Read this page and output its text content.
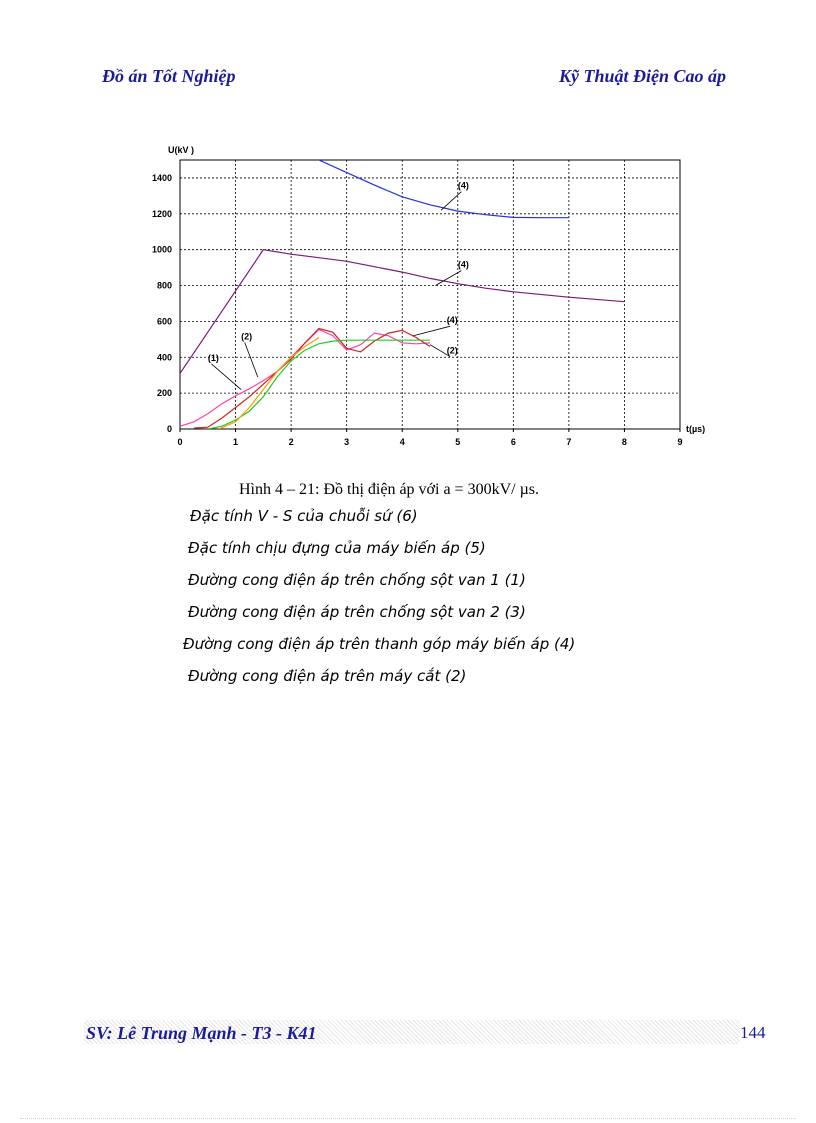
Đồ án Tốt Nghiệp	Kỹ Thuật Điện Cao áp
0
200
400
600
800
1000
1200
1400
0	1	2	3	4	5	6	7	8	9
U(kV )
t(µs)
(4)
(4)
(4)
(2)
(1)
(2)
Hình 4 – 21: Đồ thị điện áp với a = 300kV/ µs.
Đặc tính V - S của chuỗi sứ (6)
Đặc tính chịu đựng của máy biến áp (5)
Đường cong điện áp trên chống sột van 1 (1)
Đường cong điện áp trên chống sột van 2 (3)
Đường cong điện áp trên thanh góp máy biến áp (4)
Đường cong điện áp trên máy cắt (2)
SV: Lê Trung Mạnh - T3 - K41	144
